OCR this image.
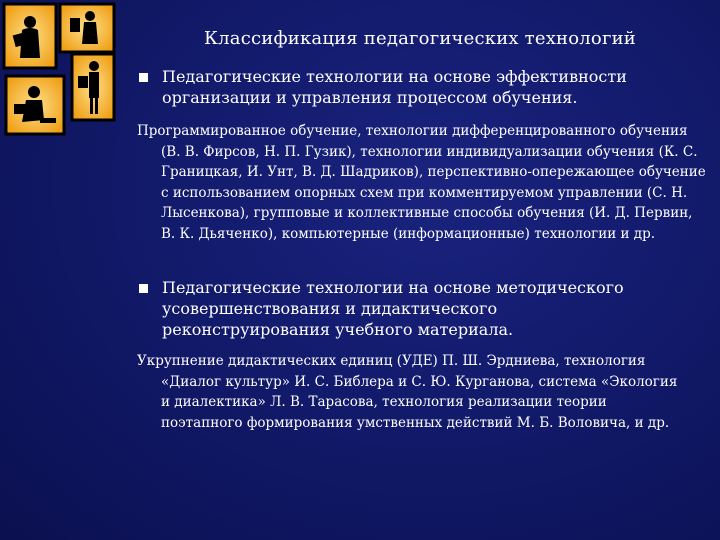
Классификация педагогических технологий
Педагогические технологии на основе эффективности организации и управления процессом обучения.
Программированное обучение, технологии дифференцированного обучения (В. В. Фирсов, Н. П. Гузик), технологии индивидуализации обучения (К. С. Границкая, И. Унт, В. Д. Шадриков), перспективно-опережающее обучение с использованием опорных схем при комментируемом управлении (С. Н. Лысенкова), групповые и коллективные способы обучения (И. Д. Первин, В. К. Дьяченко), компьютерные (информационные) технологии и др.
Педагогические технологии на основе методического усовершенствования и дидактического реконструирования учебного материала.
Укрупнение дидактических единиц (УДЕ) П. Ш. Эрдниева, технология «Диалог культур» И. С. Библера и С. Ю. Курганова, система «Экология и диалектика» Л. В. Тарасова, технология реализации теории поэтапного формирования умственных действий М. Б. Воловича, и др.
